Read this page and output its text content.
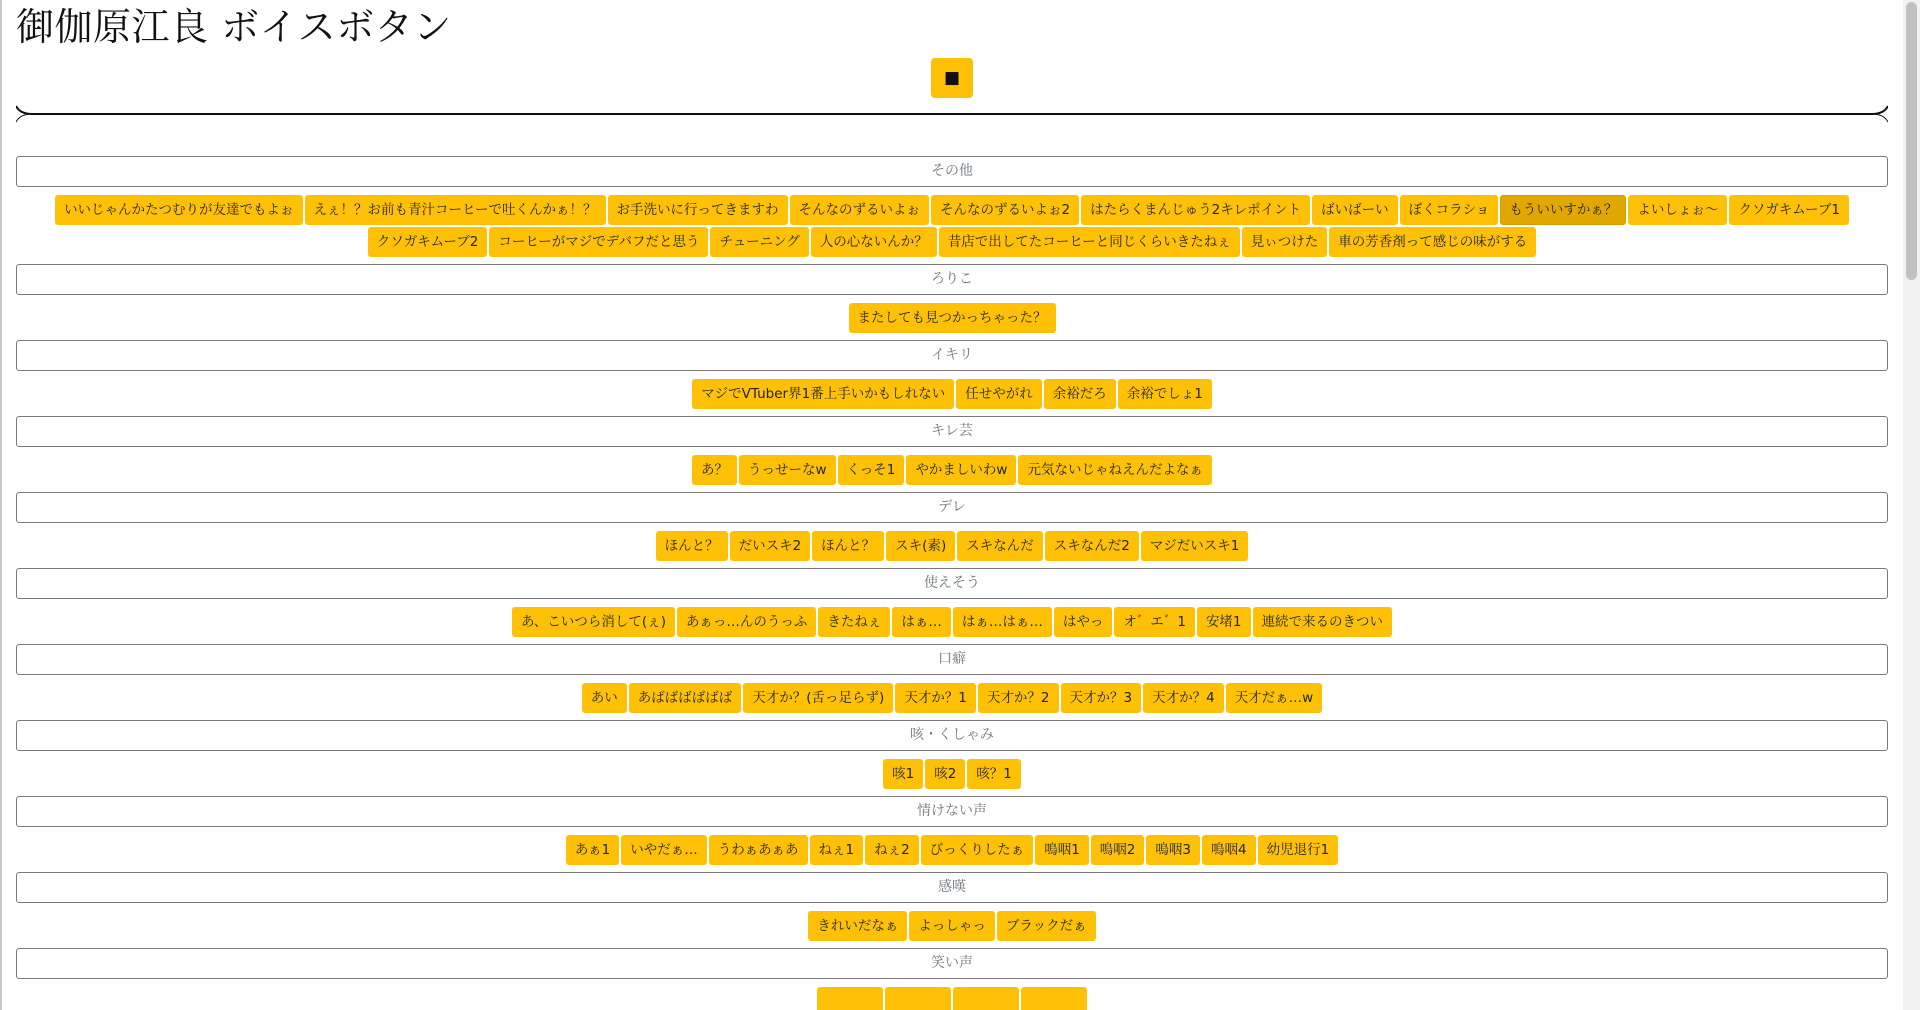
御伽原江良 ボイスボタン
■
その他
いいじゃんかたつむりが友達でもよぉ えぇ！？お前も青汁コーヒーで吐くんかぁ！？ お手洗いに行ってきますわ そんなのずるいよぉ そんなのずるいよぉ2 はたらくまんじゅう2キレポイント ばいばーい ぼくコラショ もういいすかぁ？ よいしょぉ～ クソガキムーブ1クソガキムーブ2 コーヒーがマジでデバフだと思う チューニング 人の心ないんか？ 昔店で出してたコーヒーと同じくらいきたねぇ 見ぃつけた 車の芳香剤って感じの味がする
ろりこ
またしても見つかっちゃった？
イキリ
マジでVTuber界1番上手いかもしれない 任せやがれ 余裕だろ 余裕でしょ1
キレ芸
あ？ うっせーなw くっそ1 やかましいわw 元気ないじゃねえんだよなぁ
デレ
ほんと？ だいスキ2 ほんと？ スキ(素) スキなんだ スキなんだ2 マジだいスキ1
使えそう
あ、こいつら消して(ぇ) あぁっ…んのうっふ きたねぇ はぁ… はぁ…はぁ… はやっ オ゛エ゛1 安堵1 連続で来るのきつい
口癖
あい あばばばばばば 天才か？(舌っ足らず) 天才か？1 天才か？2 天才か？3 天才か？4 天才だぁ…w
咳・くしゃみ
咳1 咳2 咳？1
情けない声
あぁ1 いやだぁ… うわぁあぁあ ねぇ1 ねぇ2 びっくりしたぁ 嗚咽1 嗚咽2 嗚咽3 嗚咽4 幼児退行1
感嘆
きれいだなぁ よっしゃっ ブラックだぁ
笑い声
